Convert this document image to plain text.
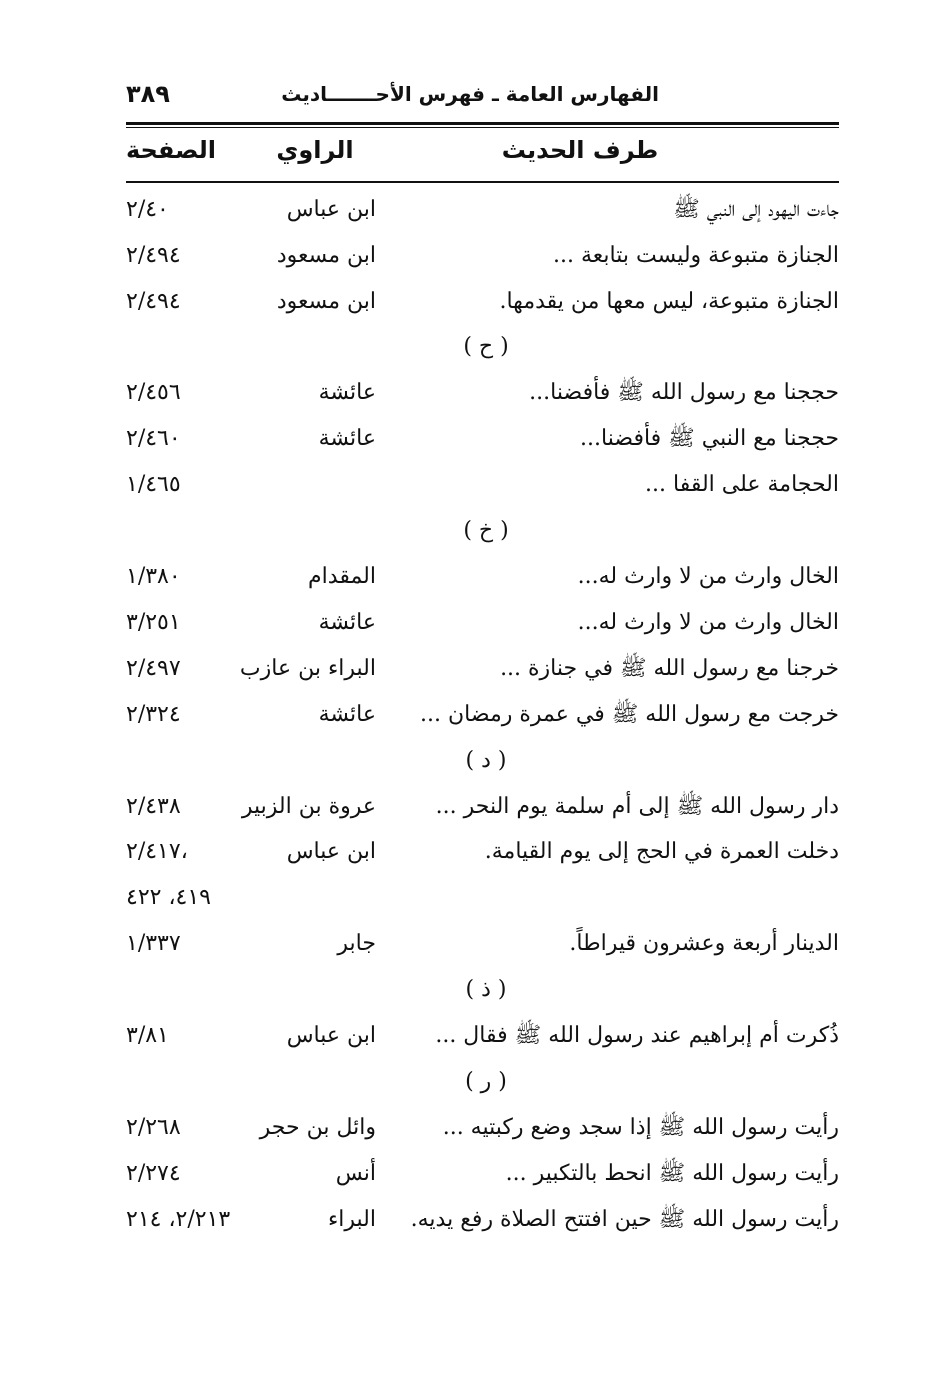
الفهارس العامة ـ فهرس الأحـــــــاديث
٣٨٩
طرف الحديث
الراوي
الصفحة
جاءت اليهود إلى النبي ﷺ
ابن عباس
٢/٤٠
الجنازة متبوعة وليست بتابعة ...
ابن مسعود
٢/٤٩٤
الجنازة متبوعة، ليس معها من يقدمها.
ابن مسعود
٢/٤٩٤
( ح )
حججنا مع رسول الله ﷺ فأفضنا...
عائشة
٢/٤٥٦
حججنا مع النبي ﷺ فأفضنا...
عائشة
٢/٤٦٠
الحجامة على القفا ...
١/٤٦٥
( خ )
الخال وارث من لا وارث له...
المقدام
١/٣٨٠
الخال وارث من لا وارث له...
عائشة
٣/٢٥١
خرجنا مع رسول الله ﷺ في جنازة ...
البراء بن عازب
٢/٤٩٧
خرجت مع رسول الله ﷺ في عمرة رمضان ...
عائشة
٢/٣٢٤
( د )
دار رسول الله ﷺ إلى أم سلمة يوم النحر ...
عروة بن الزبير
٢/٤٣٨
دخلت العمرة في الحج إلى يوم القيامة.
ابن عباس
٢/٤١٧،
٤١٩، ٤٢٢
الدينار أربعة وعشرون قيراطاً.
جابر
١/٣٣٧
( ذ )
ذُكرت أم إبراهيم عند رسول الله ﷺ فقال ...
ابن عباس
٣/٨١
( ر )
رأيت رسول الله ﷺ إذا سجد وضع ركبتيه ...
وائل بن حجر
٢/٢٦٨
رأيت رسول الله ﷺ انحط بالتكبير ...
أنس
٢/٢٧٤
رأيت رسول الله ﷺ حين افتتح الصلاة رفع يديه.
البراء
٢/٢١٣، ٢١٤
